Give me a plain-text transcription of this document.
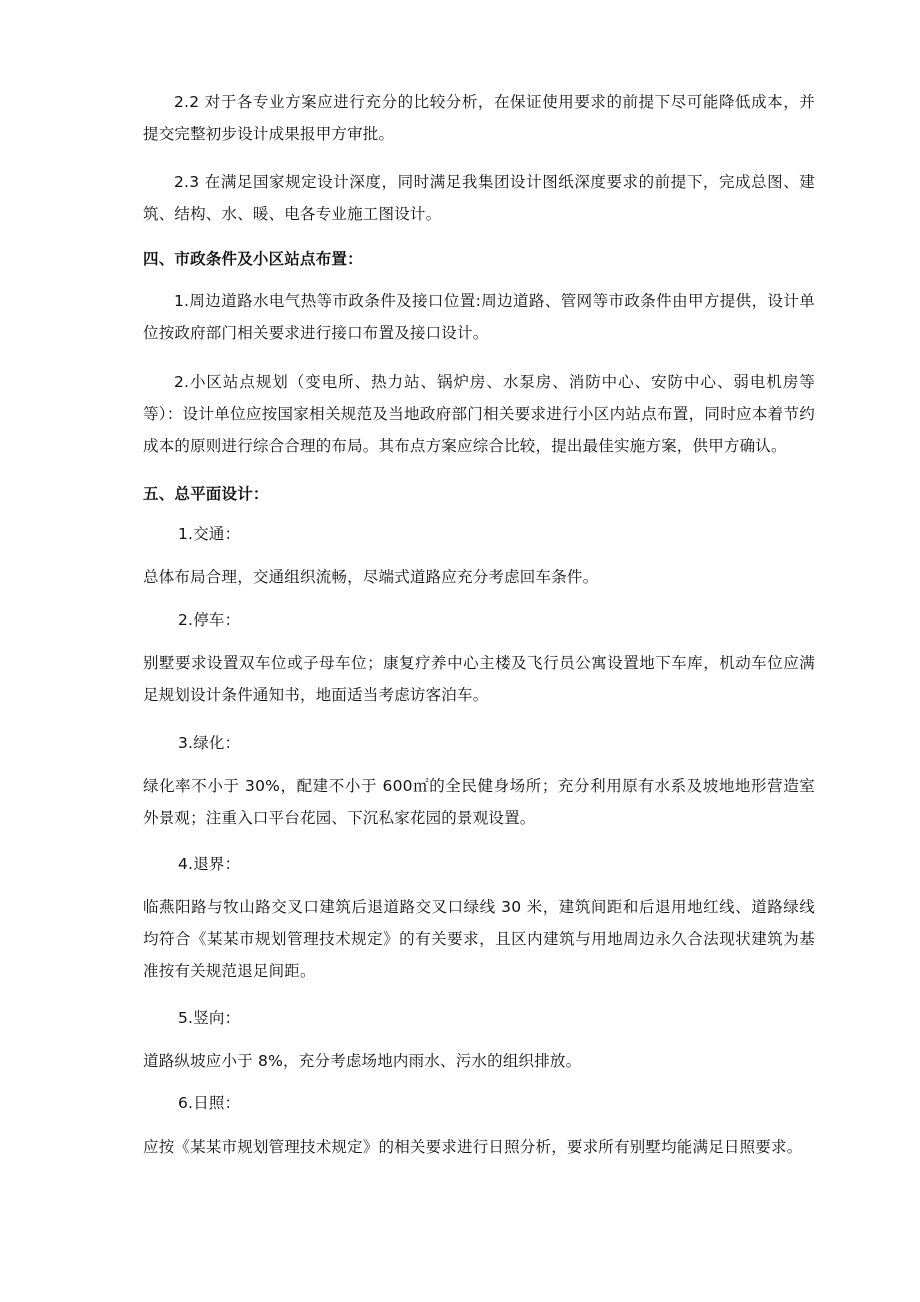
2.2 对于各专业方案应进行充分的比较分析，在保证使用要求的前提下尽可能降低成本，并提交完整初步设计成果报甲方审批。

2.3 在满足国家规定设计深度，同时满足我集团设计图纸深度要求的前提下，完成总图、建筑、结构、水、暖、电各专业施工图设计。

四、市政条件及小区站点布置：

1.周边道路水电气热等市政条件及接口位置:周边道路、管网等市政条件由甲方提供，设计单位按政府部门相关要求进行接口布置及接口设计。

2.小区站点规划（变电所、热力站、锅炉房、水泵房、消防中心、安防中心、弱电机房等等）：设计单位应按国家相关规范及当地政府部门相关要求进行小区内站点布置，同时应本着节约成本的原则进行综合合理的布局。其布点方案应综合比较，提出最佳实施方案，供甲方确认。

五、总平面设计：

1.交通：

总体布局合理，交通组织流畅，尽端式道路应充分考虑回车条件。

2.停车：

别墅要求设置双车位或子母车位；康复疗养中心主楼及飞行员公寓设置地下车库，机动车位应满足规划设计条件通知书，地面适当考虑访客泊车。

3.绿化：

绿化率不小于 30%，配建不小于 600㎡的全民健身场所；充分利用原有水系及坡地地形营造室外景观；注重入口平台花园、下沉私家花园的景观设置。

4.退界：

临燕阳路与牧山路交叉口建筑后退道路交叉口绿线 30 米，建筑间距和后退用地红线、道路绿线均符合《某某市规划管理技术规定》的有关要求，且区内建筑与用地周边永久合法现状建筑为基准按有关规范退足间距。

5.竖向：

道路纵坡应小于 8%，充分考虑场地内雨水、污水的组织排放。

6.日照：

应按《某某市规划管理技术规定》的相关要求进行日照分析，要求所有别墅均能满足日照要求。
